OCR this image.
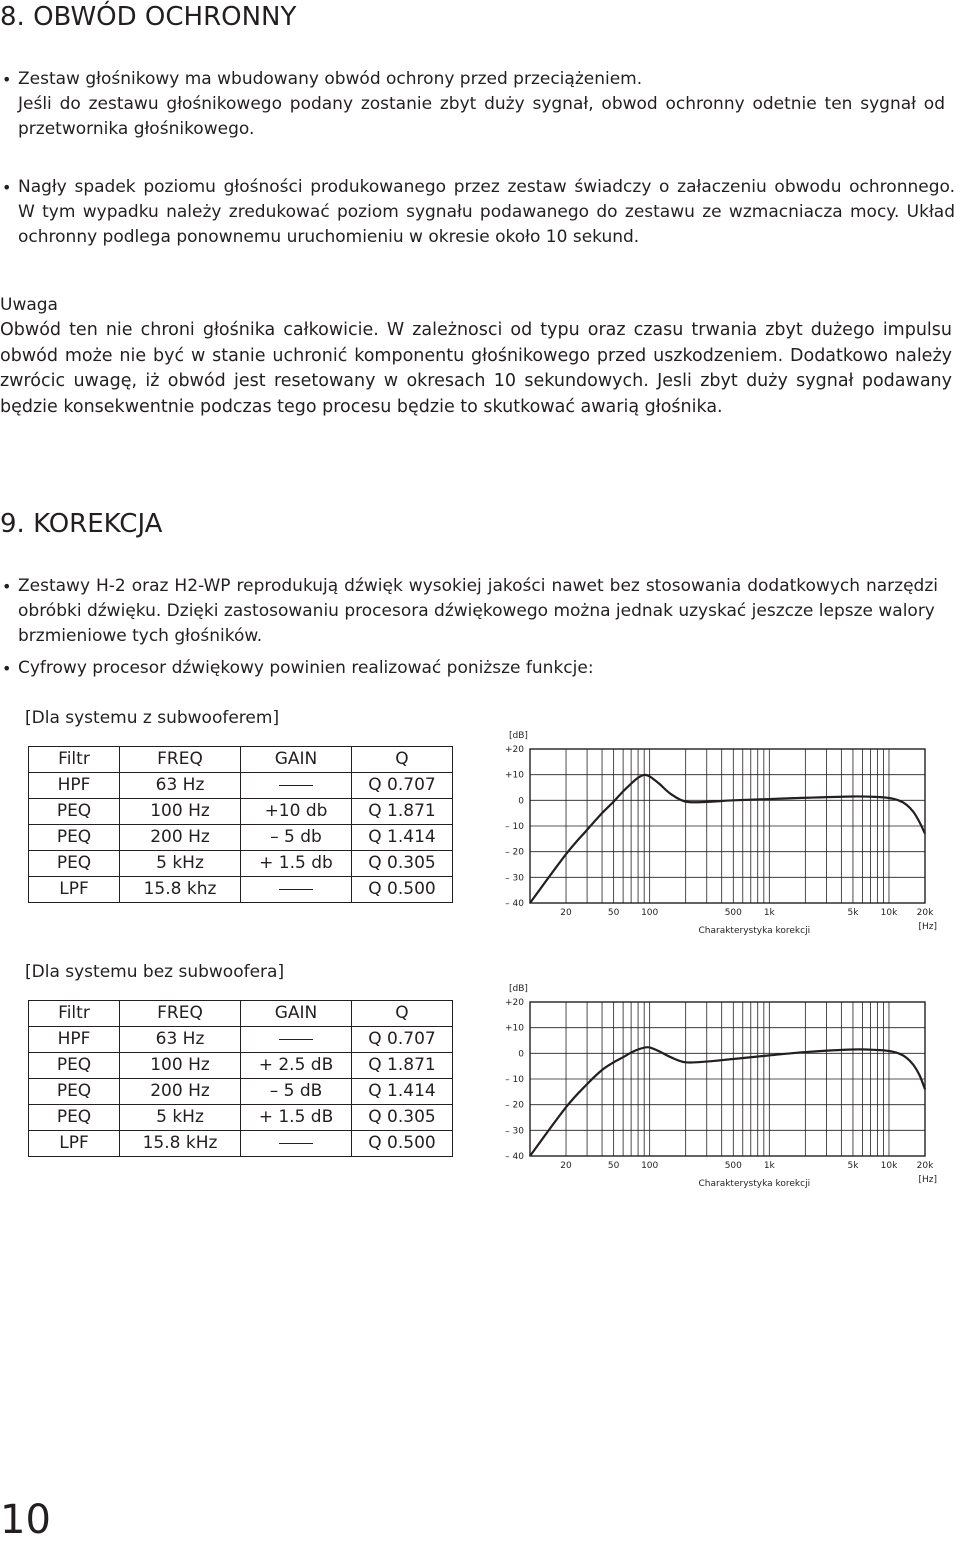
8. OBWÓD OCHRONNY
• Zestaw głośnikowy ma wbudowany obwód ochrony przed przeciążeniem.
Jeśli do zestawu głośnikowego podany zostanie zbyt duży sygnał, obwod ochronny odetnie ten sygnał od
przetwornika głośnikowego.
• Nagły spadek poziomu głośności produkowanego przez zestaw świadczy o załaczeniu obwodu ochronnego.
W tym wypadku należy zredukować poziom sygnału podawanego do zestawu ze wzmacniacza mocy. Układ
ochronny podlega ponownemu uruchomieniu w okresie około 10 sekund.
Uwaga
Obwód ten nie chroni głośnika całkowicie. W zależnosci od typu oraz czasu trwania zbyt dużego impulsu
obwód może nie być w stanie uchronić komponentu głośnikowego przed uszkodzeniem. Dodatkowo należy
zwrócic uwagę, iż obwód jest resetowany w okresach 10 sekundowych. Jesli zbyt duży sygnał podawany
będzie konsekwentnie podczas tego procesu będzie to skutkować awarią głośnika.
9. KOREKCJA
• Zestawy H-2 oraz H2-WP reprodukują dźwięk wysokiej jakości nawet bez stosowania dodatkowych narzędzi
obróbki dźwięku. Dzięki zastosowaniu procesora dźwiękowego można jednak uzyskać jeszcze lepsze walory
brzmieniowe tych głośników.
• Cyfrowy procesor dźwiękowy powinien realizować poniższe funkcje:
[Dla systemu z subwooferem]
Filtr	FREQ	GAIN	Q
HPF	63 Hz		Q 0.707
PEQ	100 Hz	+10 db	Q 1.871
PEQ	200 Hz	– 5 db	Q 1.414
PEQ	5 kHz	+ 1.5 db	Q 0.305
LPF	15.8 khz		Q 0.500
[Dla systemu bez subwoofera]
Filtr	FREQ	GAIN	Q
HPF	63 Hz		Q 0.707
PEQ	100 Hz	+ 2.5 dB	Q 1.871
PEQ	200 Hz	– 5 dB	Q 1.414
PEQ	5 kHz	+ 1.5 dB	Q 0.305
LPF	15.8 kHz		Q 0.500
[dB]
+20
+10
0
– 10
– 20
– 30
– 40
20	50 100	500 1k	5k 10k 20k
[Hz]
Charakterystyka korekcji
[dB]
+20
+10
0
– 10
– 20
– 30
– 40
20	50 100	500 1k	5k 10k 20k
[Hz]
Charakterystyka korekcji
10
